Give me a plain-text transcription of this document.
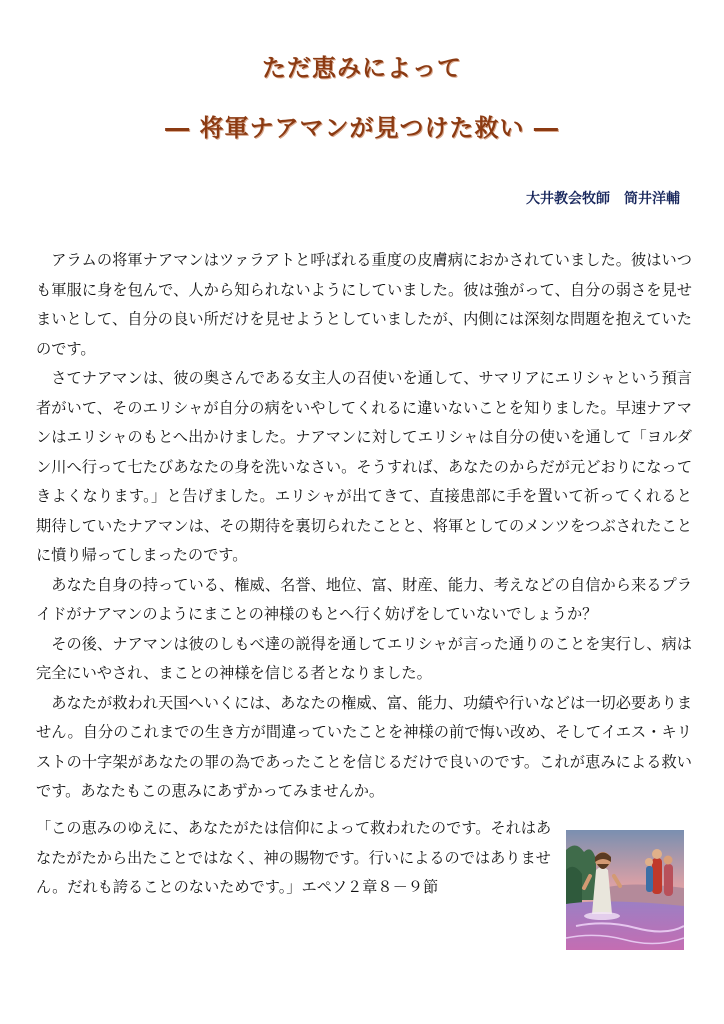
ただ恵みによって
― 将軍ナアマンが見つけた救い ―
大井教会牧師　筒井洋輔

アラムの将軍ナアマンはツァラアトと呼ばれる重度の皮膚病におかされていました。彼はいつも軍服に身を包んで、人から知られないようにしていました。彼は強がって、自分の弱さを見せまいとして、自分の良い所だけを見せようとしていましたが、内側には深刻な問題を抱えていたのです。

さてナアマンは、彼の奥さんである女主人の召使いを通して、サマリアにエリシャという預言者がいて、そのエリシャが自分の病をいやしてくれるに違いないことを知りました。早速ナアマンはエリシャのもとへ出かけました。ナアマンに対してエリシャは自分の使いを通して「ヨルダン川へ行って七たびあなたの身を洗いなさい。そうすれば、あなたのからだが元どおりになってきよくなります。」と告げました。エリシャが出てきて、直接患部に手を置いて祈ってくれると期待していたナアマンは、その期待を裏切られたことと、将軍としてのメンツをつぶされたことに憤り帰ってしまったのです。

あなた自身の持っている、権威、名誉、地位、富、財産、能力、考えなどの自信から来るプライドがナアマンのようにまことの神様のもとへ行く妨げをしていないでしょうか？

その後、ナアマンは彼のしもべ達の説得を通してエリシャが言った通りのことを実行し、病は完全にいやされ、まことの神様を信じる者となりました。

あなたが救われ天国へいくには、あなたの権威、富、能力、功績や行いなどは一切必要ありません。自分のこれまでの生き方が間違っていたことを神様の前で悔い改め、そしてイエス・キリストの十字架があなたの罪の為であったことを信じるだけで良いのです。これが恵みによる救いです。あなたもこの恵みにあずかってみませんか。

「この恵みのゆえに、あなたがたは信仰によって救われたのです。それはあなたがたから出たことではなく、神の賜物です。行いによるのではありません。だれも誇ることのないためです。」エペソ２章８－９節
